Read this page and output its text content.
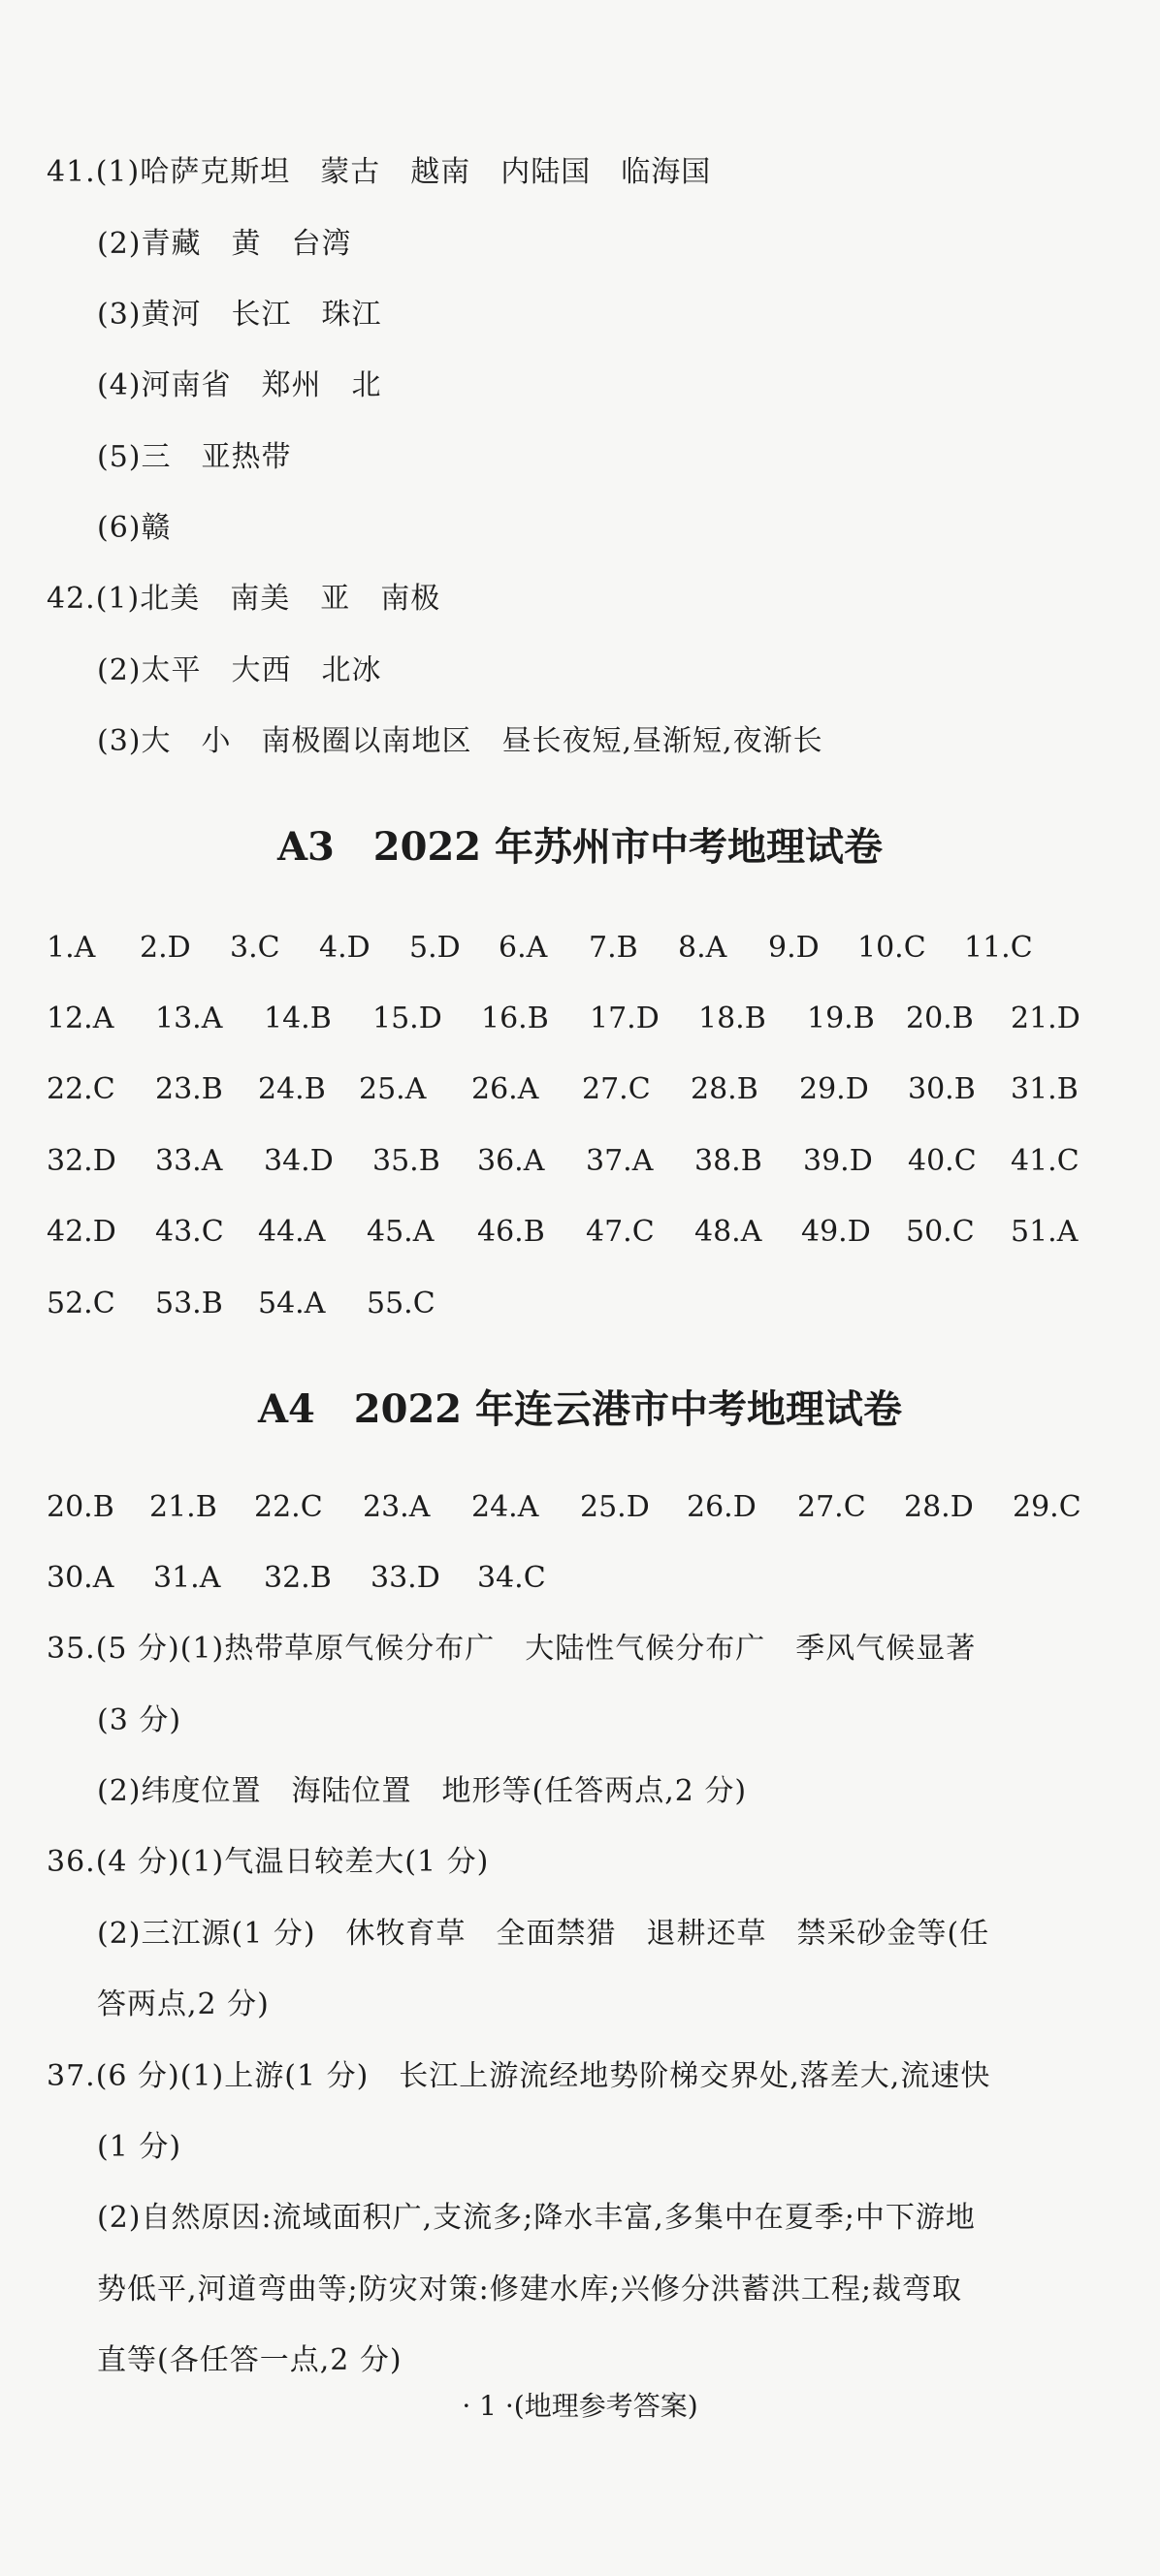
41.(1)哈萨克斯坦　蒙古　越南　内陆国　临海国
(2)青藏　黄　台湾
(3)黄河　长江　珠江
(4)河南省　郑州　北
(5)三　亚热带
(6)赣
42.(1)北美　南美　亚　南极
(2)太平　大西　北冰
(3)大　小　南极圈以南地区　昼长夜短,昼渐短,夜渐长
A3　2022 年苏州市中考地理试卷
1.A 2.D 3.C 4.D 5.D 6.A 7.B 8.A 9.D 10.C 11.C
12.A 13.A 14.B 15.D 16.B 17.D 18.B 19.B 20.B 21.D
22.C 23.B 24.B 25.A 26.A 27.C 28.B 29.D 30.B 31.B
32.D 33.A 34.D 35.B 36.A 37.A 38.B 39.D 40.C 41.C
42.D 43.C 44.A 45.A 46.B 47.C 48.A 49.D 50.C 51.A
52.C 53.B 54.A 55.C
A4　2022 年连云港市中考地理试卷
20.B 21.B 22.C 23.A 24.A 25.D 26.D 27.C 28.D 29.C
30.A 31.A 32.B 33.D 34.C
35.(5 分)(1)热带草原气候分布广　大陆性气候分布广　季风气候显著
(3 分)
(2)纬度位置　海陆位置　地形等(任答两点,2 分)
36.(4 分)(1)气温日较差大(1 分)
(2)三江源(1 分)　休牧育草　全面禁猎　退耕还草　禁采砂金等(任
答两点,2 分)
37.(6 分)(1)上游(1 分)　长江上游流经地势阶梯交界处,落差大,流速快
(1 分)
(2)自然原因:流域面积广,支流多;降水丰富,多集中在夏季;中下游地
势低平,河道弯曲等;防灾对策:修建水库;兴修分洪蓄洪工程;裁弯取
直等(各任答一点,2 分)
· 1 ·(地理参考答案)
